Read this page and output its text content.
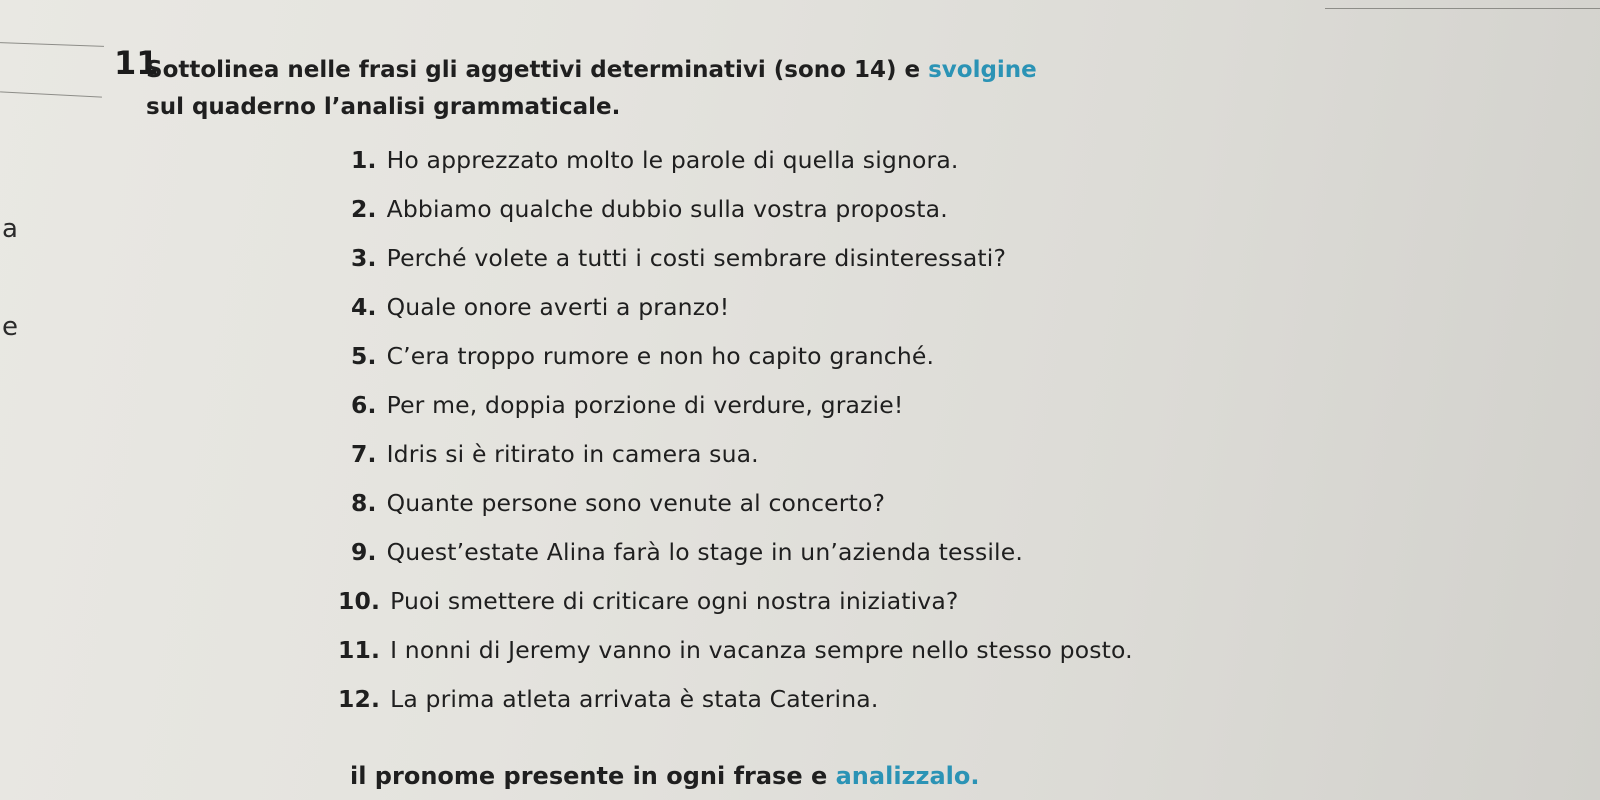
a
e
11
Sottolinea nelle frasi gli aggettivi determinativi (sono 14) e svolgine
sul quaderno l’analisi grammaticale.
1. Ho apprezzato molto le parole di quella signora.
2. Abbiamo qualche dubbio sulla vostra proposta.
3. Perché volete a tutti i costi sembrare disinteressati?
4. Quale onore averti a pranzo!
5. C’era troppo rumore e non ho capito granché.
6. Per me, doppia porzione di verdure, grazie!
7. Idris si è ritirato in camera sua.
8. Quante persone sono venute al concerto?
9. Quest’estate Alina farà lo stage in un’azienda tessile.
10. Puoi smettere di criticare ogni nostra iniziativa?
11. I nonni di Jeremy vanno in vacanza sempre nello stesso posto.
12. La prima atleta arrivata è stata Caterina.
il pronome presente in ogni frase e analizzalo.
